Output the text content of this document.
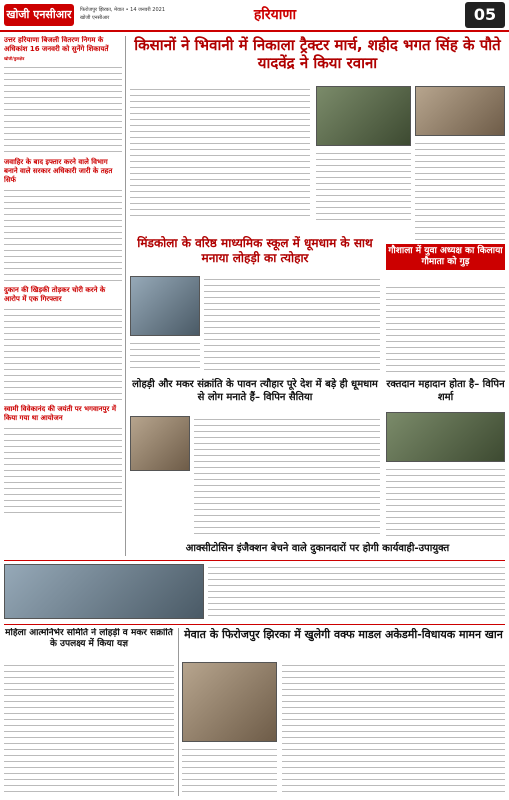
खोजी एनसीआर	फिरोजपुर झिरका, मेवात • 14 जनवरी 2021
खोजी एनसीआर	हरियाणा	05
उत्तर हरियाणा बिजली वितरण निगम के अधिकांश 16 जनवरी को सुनेंगे शिकायतें
खोजी/कुरुक्षेत्र
जवाहिर के बाद इफ्तार करने वाले विभाग बनाने वाले सरकार अधिकारी जारी के तहत सिर्फ
दुकान की खिड़की तोड़कर चोरी करने के आरोप में एक गिरफ्तार
स्वामी विवेकानंद की जयंती पर भगवानपुर में किया गया था आयोजन
किसानों ने भिवानी में निकाला ट्रैक्टर मार्च, शहीद भगत सिंह के पौते यादवेंद्र ने किया रवाना
मिंडकोला के वरिष्ठ माध्यमिक स्कूल में धूमधाम के साथ मनाया लोहड़ी का त्योहार	गौशाला में युवा अध्यक्ष का किलाया गौमाता को गुड़
लोहड़ी और मकर संक्रांति के पावन त्यौहार पूरे देश में बड़े ही धूमधाम से लोग मनाते हैं– विपिन सैतिया
रक्तदान महादान होता है– विपिन शर्मा
आक्सीटोसिन इंजैक्शन बेचने वाले दुकानदारों पर होगी कार्यवाही-उपायुक्त
महिला आत्मनिर्भर समिति ने लोहड़ी व मकर सक्रांति के उपलक्ष्य में किया यज्ञ
मेवात के फिरोजपुर झिरका में खुलेगी वक्फ माडल अकेडमी-विधायक मामन खान
